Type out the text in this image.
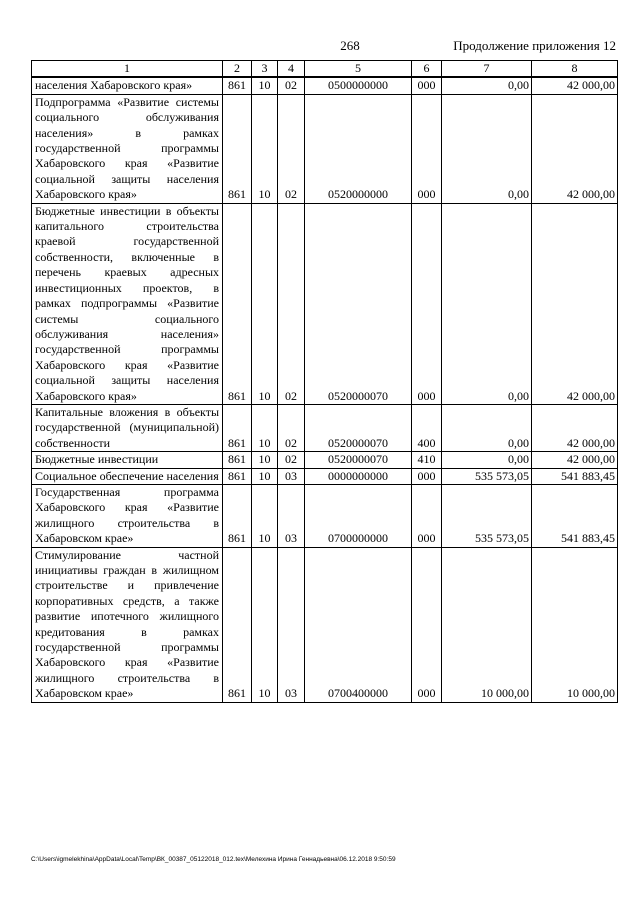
268	Продолжение приложения 12
1	2	3	4	5	6	7	8
населения Хабаровского края»	861	10	02	0500000000	000	0,00	42 000,00
Подпрограмма «Развитие системы социального обслуживания населения» в рамках государственной программы Хабаровского края «Развитие социальной защиты населения Хабаровского края»	861	10	02	0520000000	000	0,00	42 000,00
Бюджетные инвестиции в объекты капитального строительства краевой государственной собственности, включенные в перечень краевых адресных инвестиционных проектов, в рамках подпрограммы «Развитие системы социального обслуживания населения» государственной программы Хабаровского края «Развитие социальной защиты населения Хабаровского края»	861	10	02	0520000070	000	0,00	42 000,00
Капитальные вложения в объекты государственной (муниципальной) собственности	861	10	02	0520000070	400	0,00	42 000,00
Бюджетные инвестиции	861	10	02	0520000070	410	0,00	42 000,00
Социальное обеспечение населения	861	10	03	0000000000	000	535 573,05	541 883,45
Государственная программа Хабаровского края «Развитие жилищного строительства в Хабаровском крае»	861	10	03	0700000000	000	535 573,05	541 883,45
Стимулирование частной инициативы граждан в жилищном строительстве и привлечение корпоративных средств, а также развитие ипотечного жилищного кредитования в рамках государственной программы Хабаровского края «Развитие жилищного строительства в Хабаровском крае»	861	10	03	0700400000	000	10 000,00	10 000,00
C:\Users\igmelekhina\AppData\Local\Temp\ВК_00387_05122018_012.tex\Мелехина Ирина Геннадьевна\06.12.2018 9:50:59
